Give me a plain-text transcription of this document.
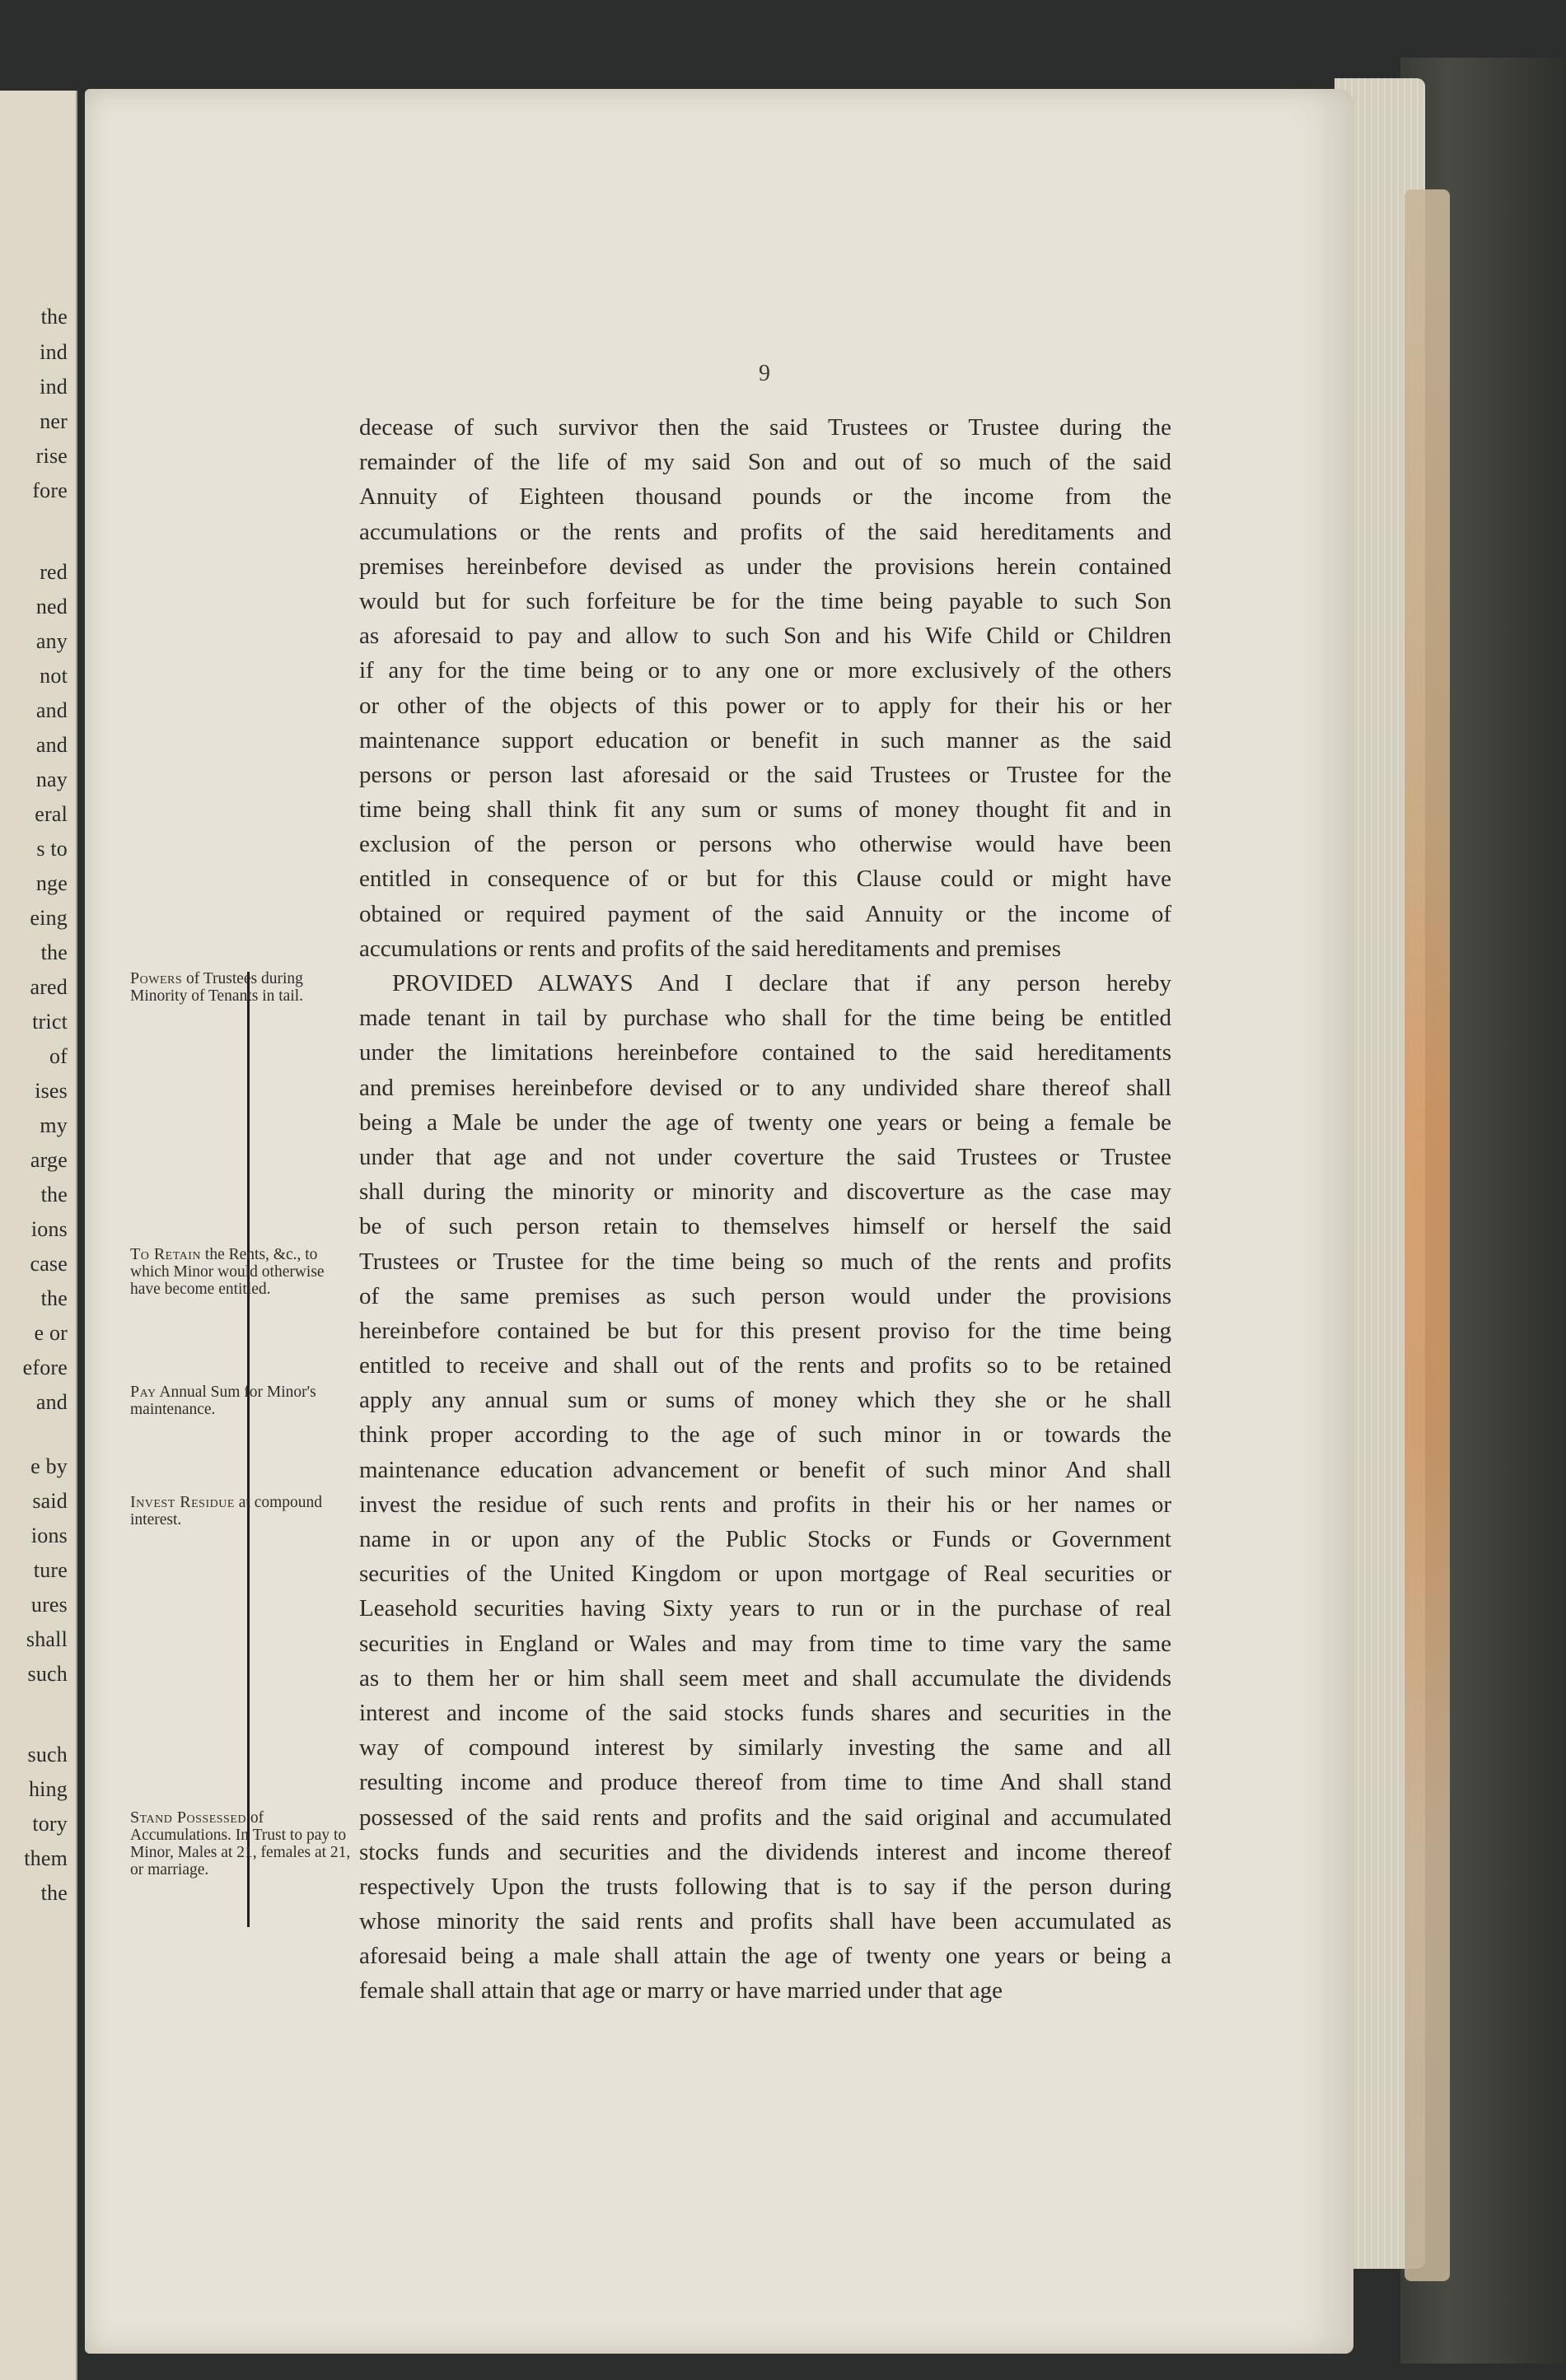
the
ind
ind
ner
rise
fore
red
ned
any
not
and
and
nay
eral
s to
nge
eing
the
ared
trict
of
ises
my
arge
the
ions
case
the
e or
efore
and
e by
said
ions
ture
ures
shall
such
such
hing
tory
them
the
9
Powers of Trustees during Minority of Tenants in tail.
To Retain the Rents, &c., to which Minor would otherwise have become entitled.
Pay Annual Sum for Minor's maintenance.
Invest Residue at compound interest.
Stand Possessed of Accumulations. In Trust to pay to Minor, Males at 21, females at 21, or marriage.
decease of such survivor then the said Trustees or Trustee during the
remainder of the life of my said Son and out of so much of the said
Annuity of Eighteen thousand pounds or the income from the
accumulations or the rents and profits of the said hereditaments and
premises hereinbefore devised as under the provisions herein contained
would but for such forfeiture be for the time being payable to such Son
as aforesaid to pay and allow to such Son and his Wife Child or Children
if any for the time being or to any one or more exclusively of the others
or other of the objects of this power or to apply for their his or her
maintenance support education or benefit in such manner as the said
persons or person last aforesaid or the said Trustees or Trustee for the
time being shall think fit any sum or sums of money thought fit and in
exclusion of the person or persons who otherwise would have been
entitled in consequence of or but for this Clause could or might have
obtained or required payment of the said Annuity or the income of
accumulations or rents and profits of the said hereditaments and premises
PROVIDED ALWAYS And I declare that if any person hereby
made tenant in tail by purchase who shall for the time being be entitled
under the limitations hereinbefore contained to the said hereditaments
and premises hereinbefore devised or to any undivided share thereof shall
being a Male be under the age of twenty one years or being a female be
under that age and not under coverture the said Trustees or Trustee
shall during the minority or minority and discoverture as the case may
be of such person retain to themselves himself or herself the said
Trustees or Trustee for the time being so much of the rents and profits
of the same premises as such person would under the provisions
hereinbefore contained be but for this present proviso for the time being
entitled to receive and shall out of the rents and profits so to be retained
apply any annual sum or sums of money which they she or he shall
think proper according to the age of such minor in or towards the
maintenance education advancement or benefit of such minor And shall
invest the residue of such rents and profits in their his or her names or
name in or upon any of the Public Stocks or Funds or Government
securities of the United Kingdom or upon mortgage of Real securities or
Leasehold securities having Sixty years to run or in the purchase of real
securities in England or Wales and may from time to time vary the same
as to them her or him shall seem meet and shall accumulate the dividends
interest and income of the said stocks funds shares and securities in the
way of compound interest by similarly investing the same and all
resulting income and produce thereof from time to time And shall stand
possessed of the said rents and profits and the said original and accumulated
stocks funds and securities and the dividends interest and income thereof
respectively Upon the trusts following that is to say if the person during
whose minority the said rents and profits shall have been accumulated as
aforesaid being a male shall attain the age of twenty one years or being a
female shall attain that age or marry or have married under that age
